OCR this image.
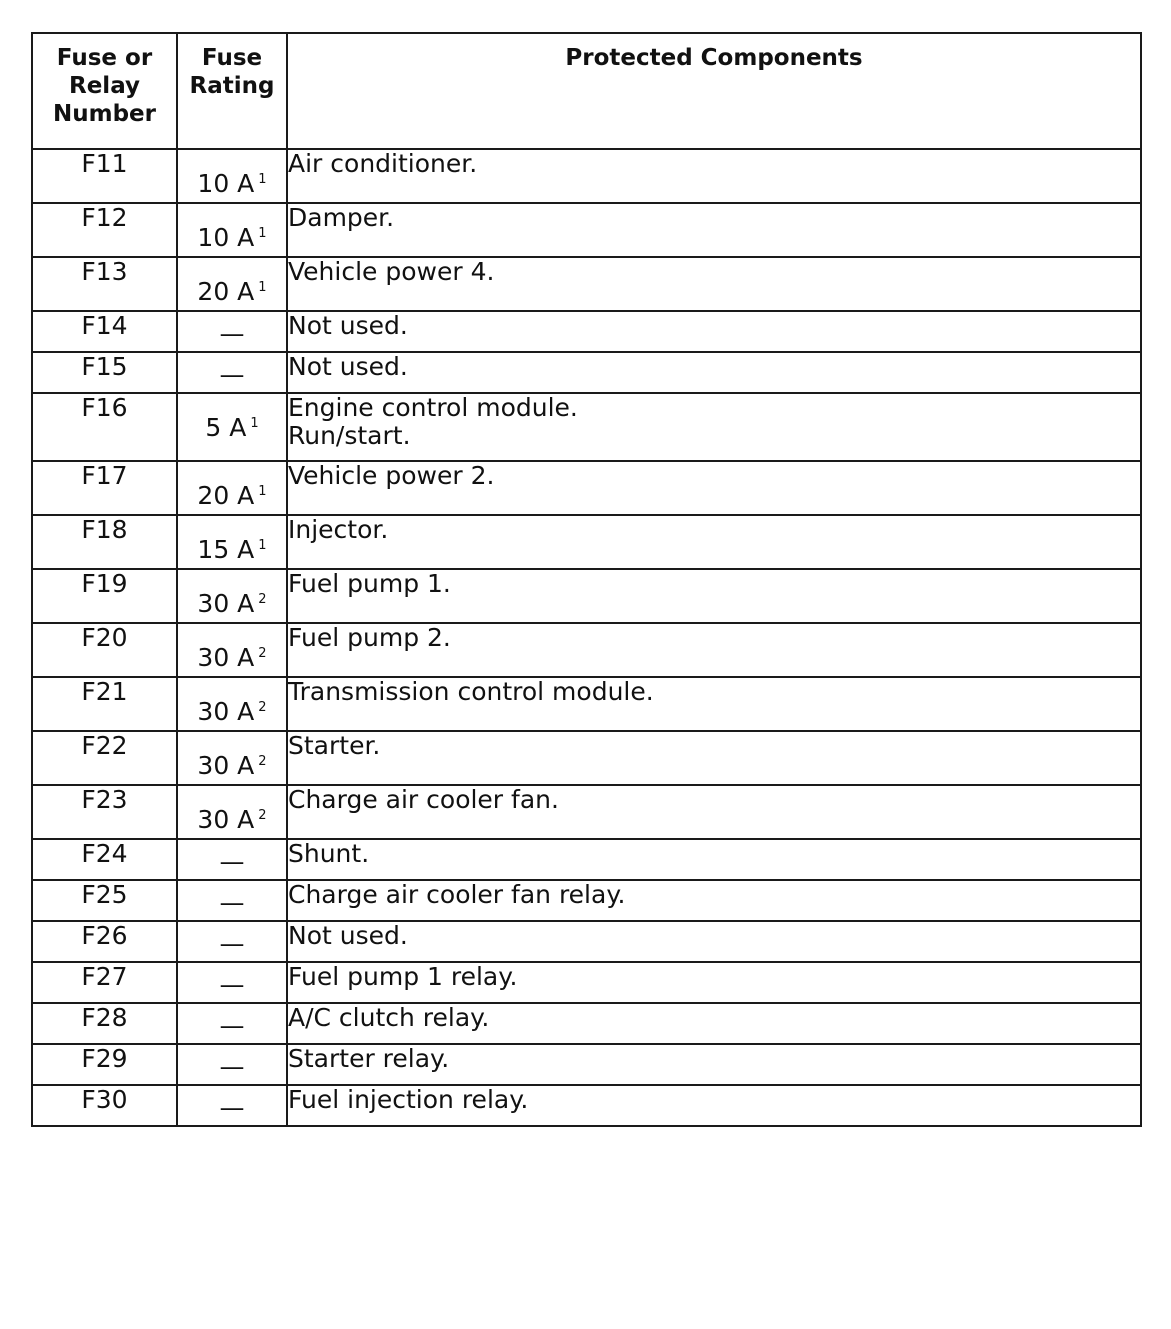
Fuse or Relay Number	Fuse Rating	Protected Components
F11	10 A $^1$	Air conditioner.

F12	10 A $^1$	Damper.

F13	20 A $^1$	Vehicle power 4.

F14	—	Not used.

F15	—	Not used.

F16	5 A $^1$	Engine control module.
Run/start.

F17	20 A $^1$	Vehicle power 2.

F18	15 A $^1$	Injector.

F19	30 A $^2$	Fuel pump 1.

F20	30 A $^2$	Fuel pump 2.

F21	30 A $^2$	Transmission control module.

F22	30 A $^2$	Starter.

F23	30 A $^2$	Charge air cooler fan.

F24	—	Shunt.

F25	—	Charge air cooler fan relay.

F26	—	Not used.

F27	—	Fuel pump 1 relay.

F28	—	A/C clutch relay.

F29	—	Starter relay.

F30	—	Fuel injection relay.
